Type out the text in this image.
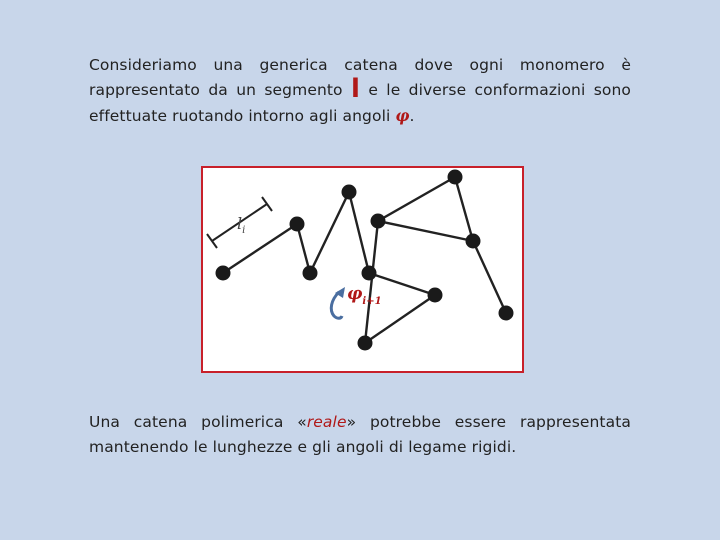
Consideriamo una generica catena dove ogni monomero è rappresentato da un segmento l e le diverse conformazioni sono effettuate ruotando intorno agli angoli φ.

$l_i$
$\varphi_{i+1}$

Una catena polimerica «reale» potrebbe essere rappresentata mantenendo le lunghezze e gli angoli di legame rigidi.
